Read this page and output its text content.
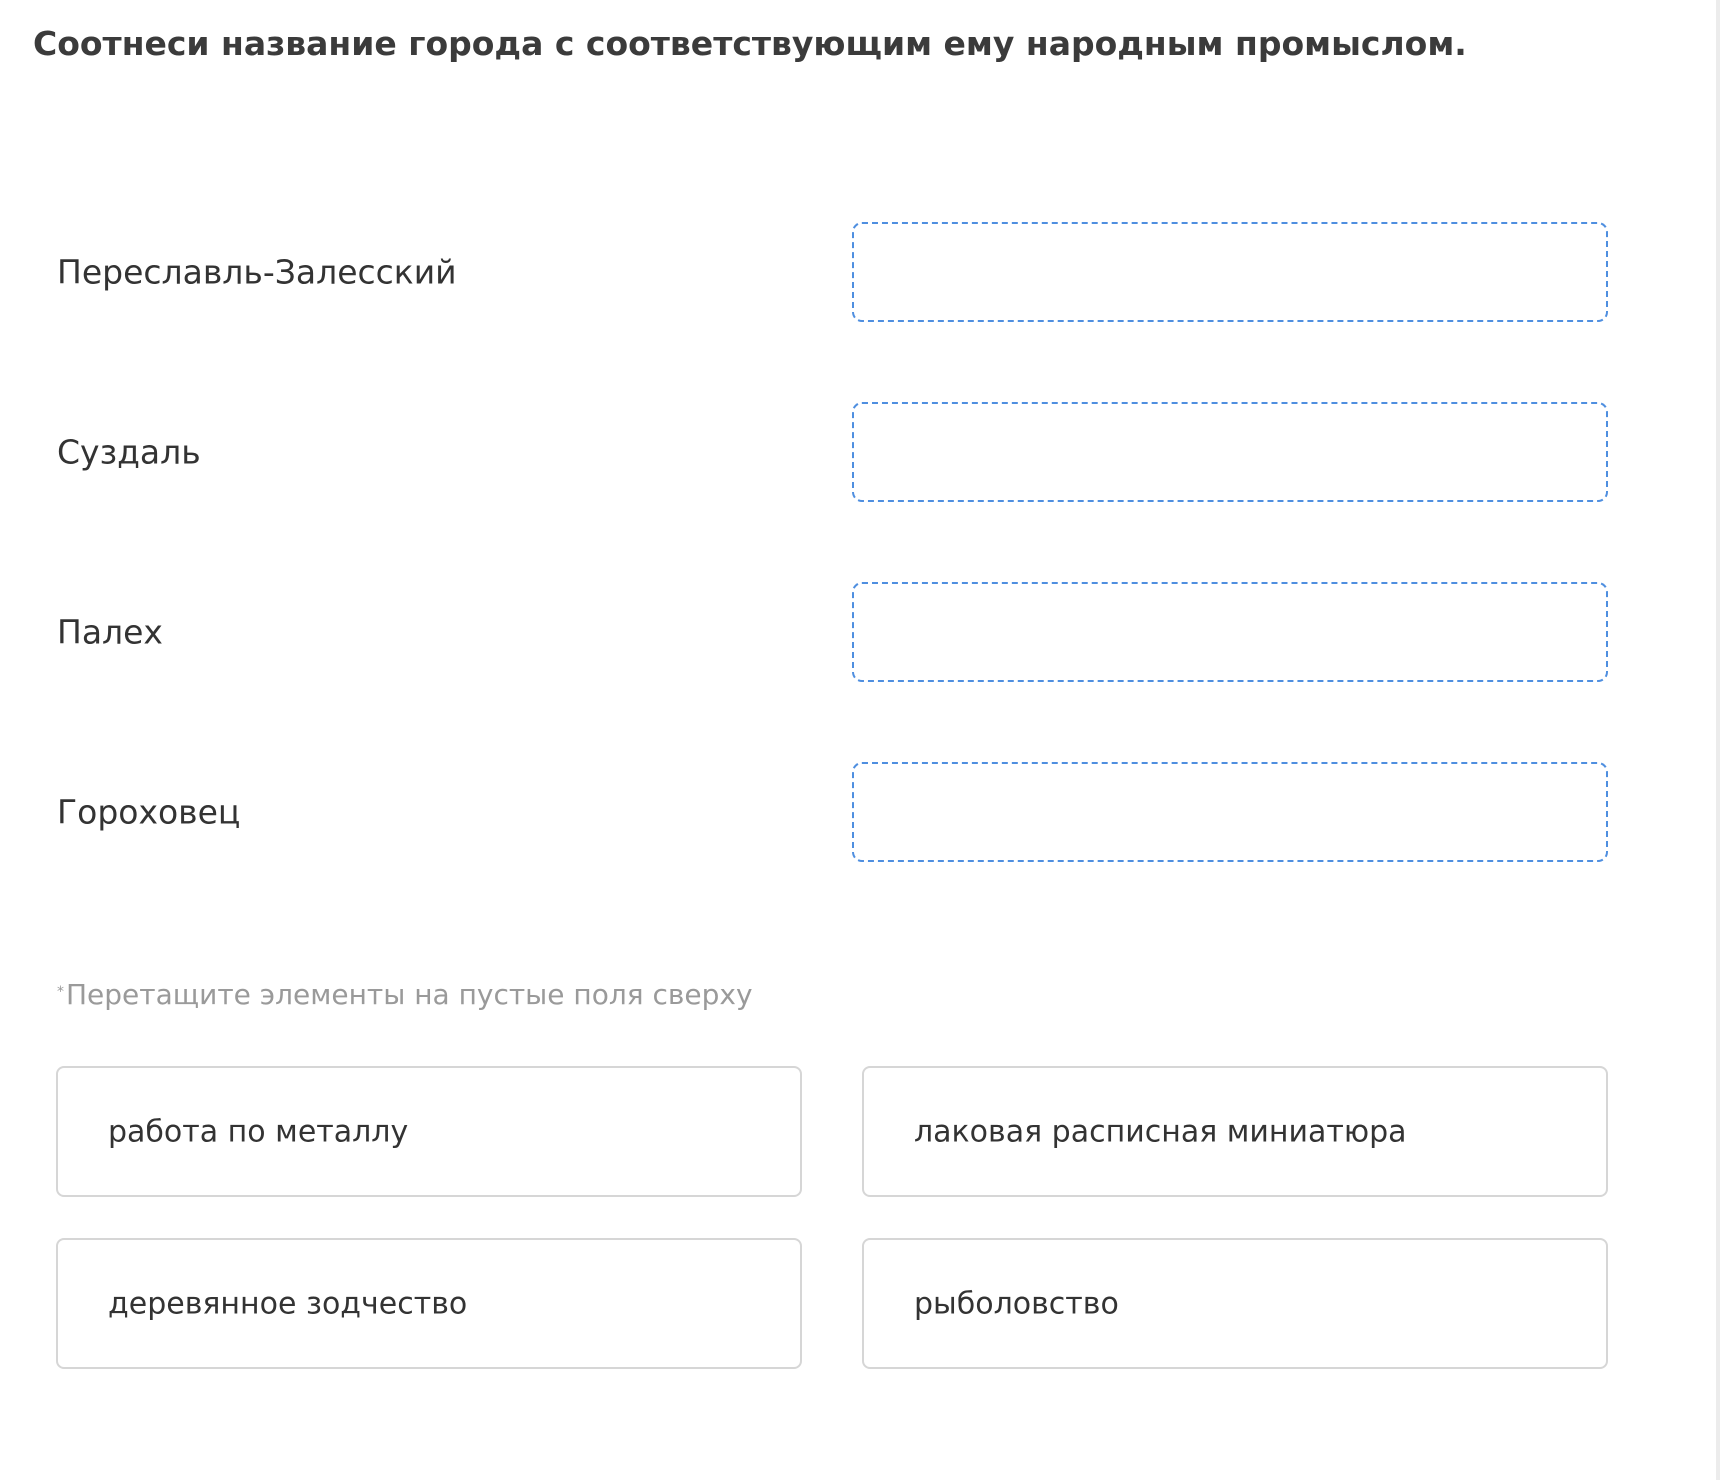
Соотнеси название города с соответствующим ему народным промыслом.
Переславль-Залесский
Суздаль
Палех
Гороховец
*Перетащите элементы на пустые поля сверху
работа по металлу	лаковая расписная миниатюра
деревянное зодчество	рыболовство
